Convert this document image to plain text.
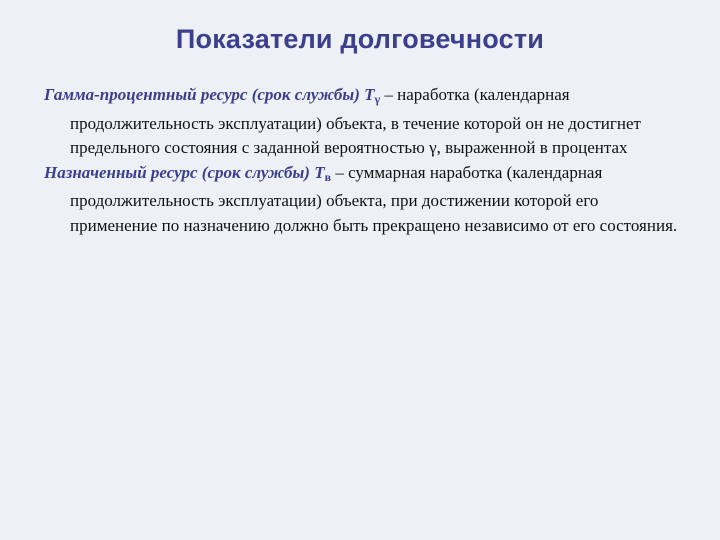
Показатели долговечности

Гамма-процентный ресурс (срок службы) $T_\gamma$ – наработка (календарная продолжительность эксплуатации) объекта, в течение которой он не достигнет предельного состояния с заданной вероятностью γ, выраженной в процентах

Назначенный ресурс (срок службы) $T_в$ – суммарная наработка (календарная продолжительность эксплуатации) объекта, при достижении которой его применение по назначению должно быть прекращено независимо от его состояния.
